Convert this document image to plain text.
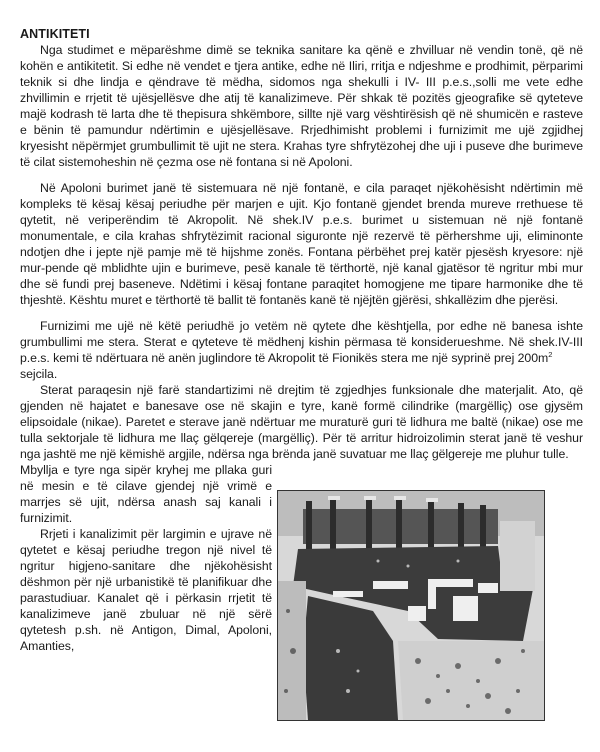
ANTIKITETI

Nga studimet e mëparëshme dimë se teknika sanitare ka qënë e zhvilluar në vendin tonë, që në kohën e antikitetit. Si edhe në vendet e tjera antike, edhe në Iliri, rritja e ndjeshme e prodhimit, përparimi teknik si dhe lindja e qëndrave të mëdha, sidomos nga shekulli i IV- III p.e.s.,solli me vete edhe zhvillimin e rrjetit të ujësjellësve dhe atij të kanalizimeve. Për shkak të pozitës gjeografike së qyteteve majë kodrash të larta dhe të thepisura shkëmbore, sillte një varg vështirësish që në shumicën e rasteve e bënin të pamundur ndërtimin e ujësjellësave. Rrjedhimisht problemi i furnizimit me ujë zgjidhej kryesisht nëpërmjet grumbullimit të ujit ne stera. Krahas tyre shfrytëzohej dhe uji i puseve dhe burimeve të cilat sistemoheshin në çezma ose në fontana si në Apoloni.

Në Apoloni burimet janë të sistemuara në një fontanë, e cila paraqet njëkohësisht ndërtimin më kompleks të kësaj kësaj periudhe për marjen e ujit. Kjo fontanë gjendet brenda mureve rrethuese të qytetit, në veriperëndim të Akropolit. Në shek.IV p.e.s. burimet u sistemuan në një fontanë monumentale, e cila krahas shfrytëzimit racional siguronte një rezervë të përhershme uji, eliminonte ndotjen dhe i jepte një pamje më të hijshme zonës. Fontana përbëhet prej katër pjesësh kryesore: një mur-pende që mblidhte ujin e burimeve, pesë kanale të tërthortë, një kanal gjatësor të ngritur mbi mur dhe së fundi prej baseneve. Ndëtimi i kësaj fontane paraqitet homogjene me tipare harmonike dhe të thjeshtë. Kështu muret e tërthortë të ballit të fontanës kanë të njëjtën gjërësi, shkallëzim dhe pjerësi.

Furnizimi me ujë në këtë periudhë jo vetëm në qytete dhe kështjella, por edhe në banesa ishte grumbullimi me stera. Sterat e qyteteve të mëdhenj kishin përmasa të konsiderueshme. Në shek.IV-III p.e.s. kemi të ndërtuara në anën juglindore të Akropolit të Fionikës stera me një syprinë prej $200m^2$

sejcila.

Sterat paraqesin një farë standartizimi në drejtim të zgjedhjes funksionale dhe materjalit. Ato, që gjenden në hajatet e banesave ose në skajin e tyre, kanë formë cilindrike (margëlliç) ose gjysëm elipsoidale (nikae). Paretet e sterave janë ndërtuar me muraturë guri të lidhura me baltë (nikae) ose me tulla sektorjale të lidhura me llaç gëlqereje (margëlliç). Për të arritur hidroizolimin sterat janë të veshur nga jashtë me një këmishë argjile, ndërsa nga brënda janë suvatuar me llaç gëlgereje me pluhur tulle.

Mbyllja e tyre nga sipër kryhej me pllaka guri në mesin e të cilave gjendej një vrimë e marrjes së ujit, ndërsa anash saj kanali i furnizimit.

Rrjeti i kanalizimit për largimin e ujrave në qytetet e kësaj periudhe tregon një nivel të ngritur higjeno-sanitare dhe njëkohësisht dëshmon për një urbanistikë të planifikuar dhe parastudiuar. Kanalet që i përkasin rrjetit të kanalizimeve janë zbuluar në një sërë qytetesh p.sh. në Antigon, Dimal, Apoloni, Amanties,
